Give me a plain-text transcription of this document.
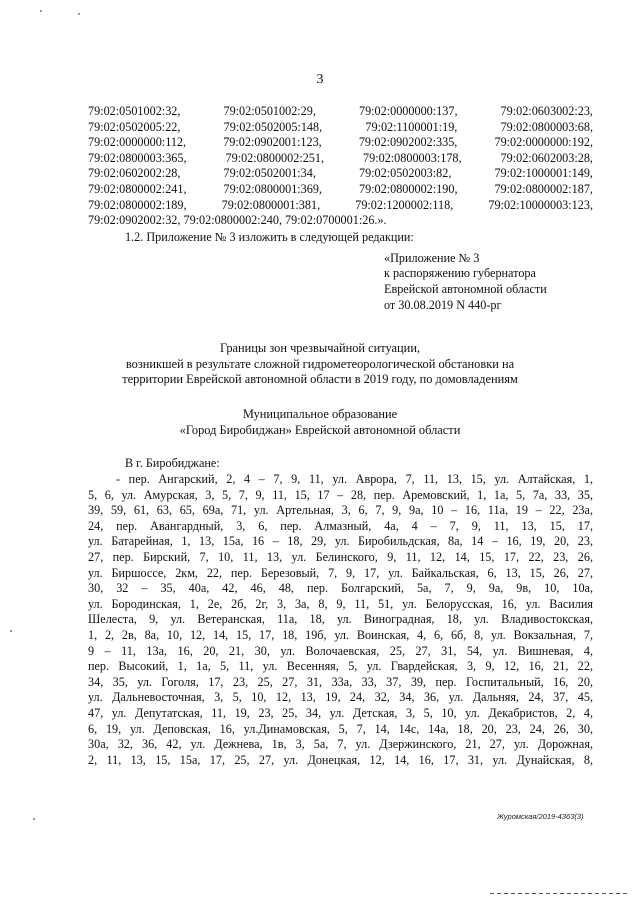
3
79:02:0501002:32,	79:02:0501002:29,	79:02:0000000:137,	79:02:0603002:23,
79:02:0502005:22,	79:02:0502005:148,	79:02:1100001:19,	79:02:0800003:68,
79:02:0000000:112,	79:02:0902001:123,	79:02:0902002:335,	79:02:0000000:192,
79:02:0800003:365,	79:02:0800002:251,	79:02:0800003:178,	79:02:0602003:28,
79:02:0602002:28,	79:02:0502001:34,	79:02:0502003:82,	79:02:1000001:149,
79:02:0800002:241,	79:02:0800001:369,	79:02:0800002:190,	79:02:0800002:187,
79:02:0800002:189,	79:02:0800001:381,	79:02:1200002:118,	79:02:10000003:123,
79:02:0902002:32, 79:02:0800002:240, 79:02:0700001:26.».
1.2. Приложение № 3 изложить в следующей редакции:
«Приложение № 3
к распоряжению губернатора
Еврейской автономной области
от 30.08.2019 N 440-рг
Границы зон чрезвычайной ситуации,
возникшей в результате сложной гидрометеорологической обстановки на
территории Еврейской автономной области в 2019 году, по домовладениям
Муниципальное образование
«Город Биробиджан» Еврейской автономной области
В г. Биробиджане:
- пер. Ангарский, 2, 4 – 7, 9, 11, ул. Аврора, 7, 11, 13, 15, ул. Алтайская, 1,
5, 6, ул. Амурская, 3, 5, 7, 9, 11, 15, 17 – 28, пер. Аремовский, 1, 1а, 5, 7а, 33, 35,
39, 59, 61, 63, 65, 69а, 71, ул. Артельная, 3, 6, 7, 9, 9а, 10 – 16, 11а, 19 – 22, 23а,
24, пер. Авангардный, 3, 6, пер. Алмазный, 4а, 4 – 7, 9, 11, 13, 15, 17,
ул. Батарейная, 1, 13, 15а, 16 – 18, 29, ул. Биробильдская, 8а, 14 – 16, 19, 20, 23,
27, пер. Бирский, 7, 10, 11, 13, ул. Белинского, 9, 11, 12, 14, 15, 17, 22, 23, 26,
ул. Биршоссе, 2км, 22, пер. Березовый, 7, 9, 17, ул. Байкальская, 6, 13, 15, 26, 27,
30, 32 – 35, 40а, 42, 46, 48, пер. Болгарский, 5а, 7, 9, 9а, 9в, 10, 10а,
ул. Бородинская, 1, 2е, 2б, 2г, 3, 3а, 8, 9, 11, 51, ул. Белорусская, 16, ул. Василия
Шелеста, 9, ул. Ветеранская, 11а, 18, ул. Виноградная, 18, ул. Владивостокская,
1, 2, 2в, 8а, 10, 12, 14, 15, 17, 18, 19б, ул. Воинская, 4, 6, 6б, 8, ул. Вокзальная, 7,
9 – 11, 13а, 16, 20, 21, 30, ул. Волочаевская, 25, 27, 31, 54, ул. Вишневая, 4,
пер. Высокий, 1, 1а, 5, 11, ул. Весенняя, 5, ул. Гвардейская, 3, 9, 12, 16, 21, 22,
34, 35, ул. Гоголя, 17, 23, 25, 27, 31, 33а, 33, 37, 39, пер. Госпитальный, 16, 20,
ул. Дальневосточная, 3, 5, 10, 12, 13, 19, 24, 32, 34, 36, ул. Дальняя, 24, 37, 45,
47, ул. Депутатская, 11, 19, 23, 25, 34, ул. Детская, 3, 5, 10, ул. Декабристов, 2, 4,
6, 19, ул. Деповская, 16, ул.Динамовская, 5, 7, 14, 14с, 14а, 18, 20, 23, 24, 26, 30,
30а, 32, 36, 42, ул. Дежнева, 1в, 3, 5а, 7, ул. Дзержинского, 21, 27, ул. Дорожная,
2, 11, 13, 15, 15а, 17, 25, 27, ул. Донецкая, 12, 14, 16, 17, 31, ул. Дунайская, 8,
Журомская/2019-4363(3)
